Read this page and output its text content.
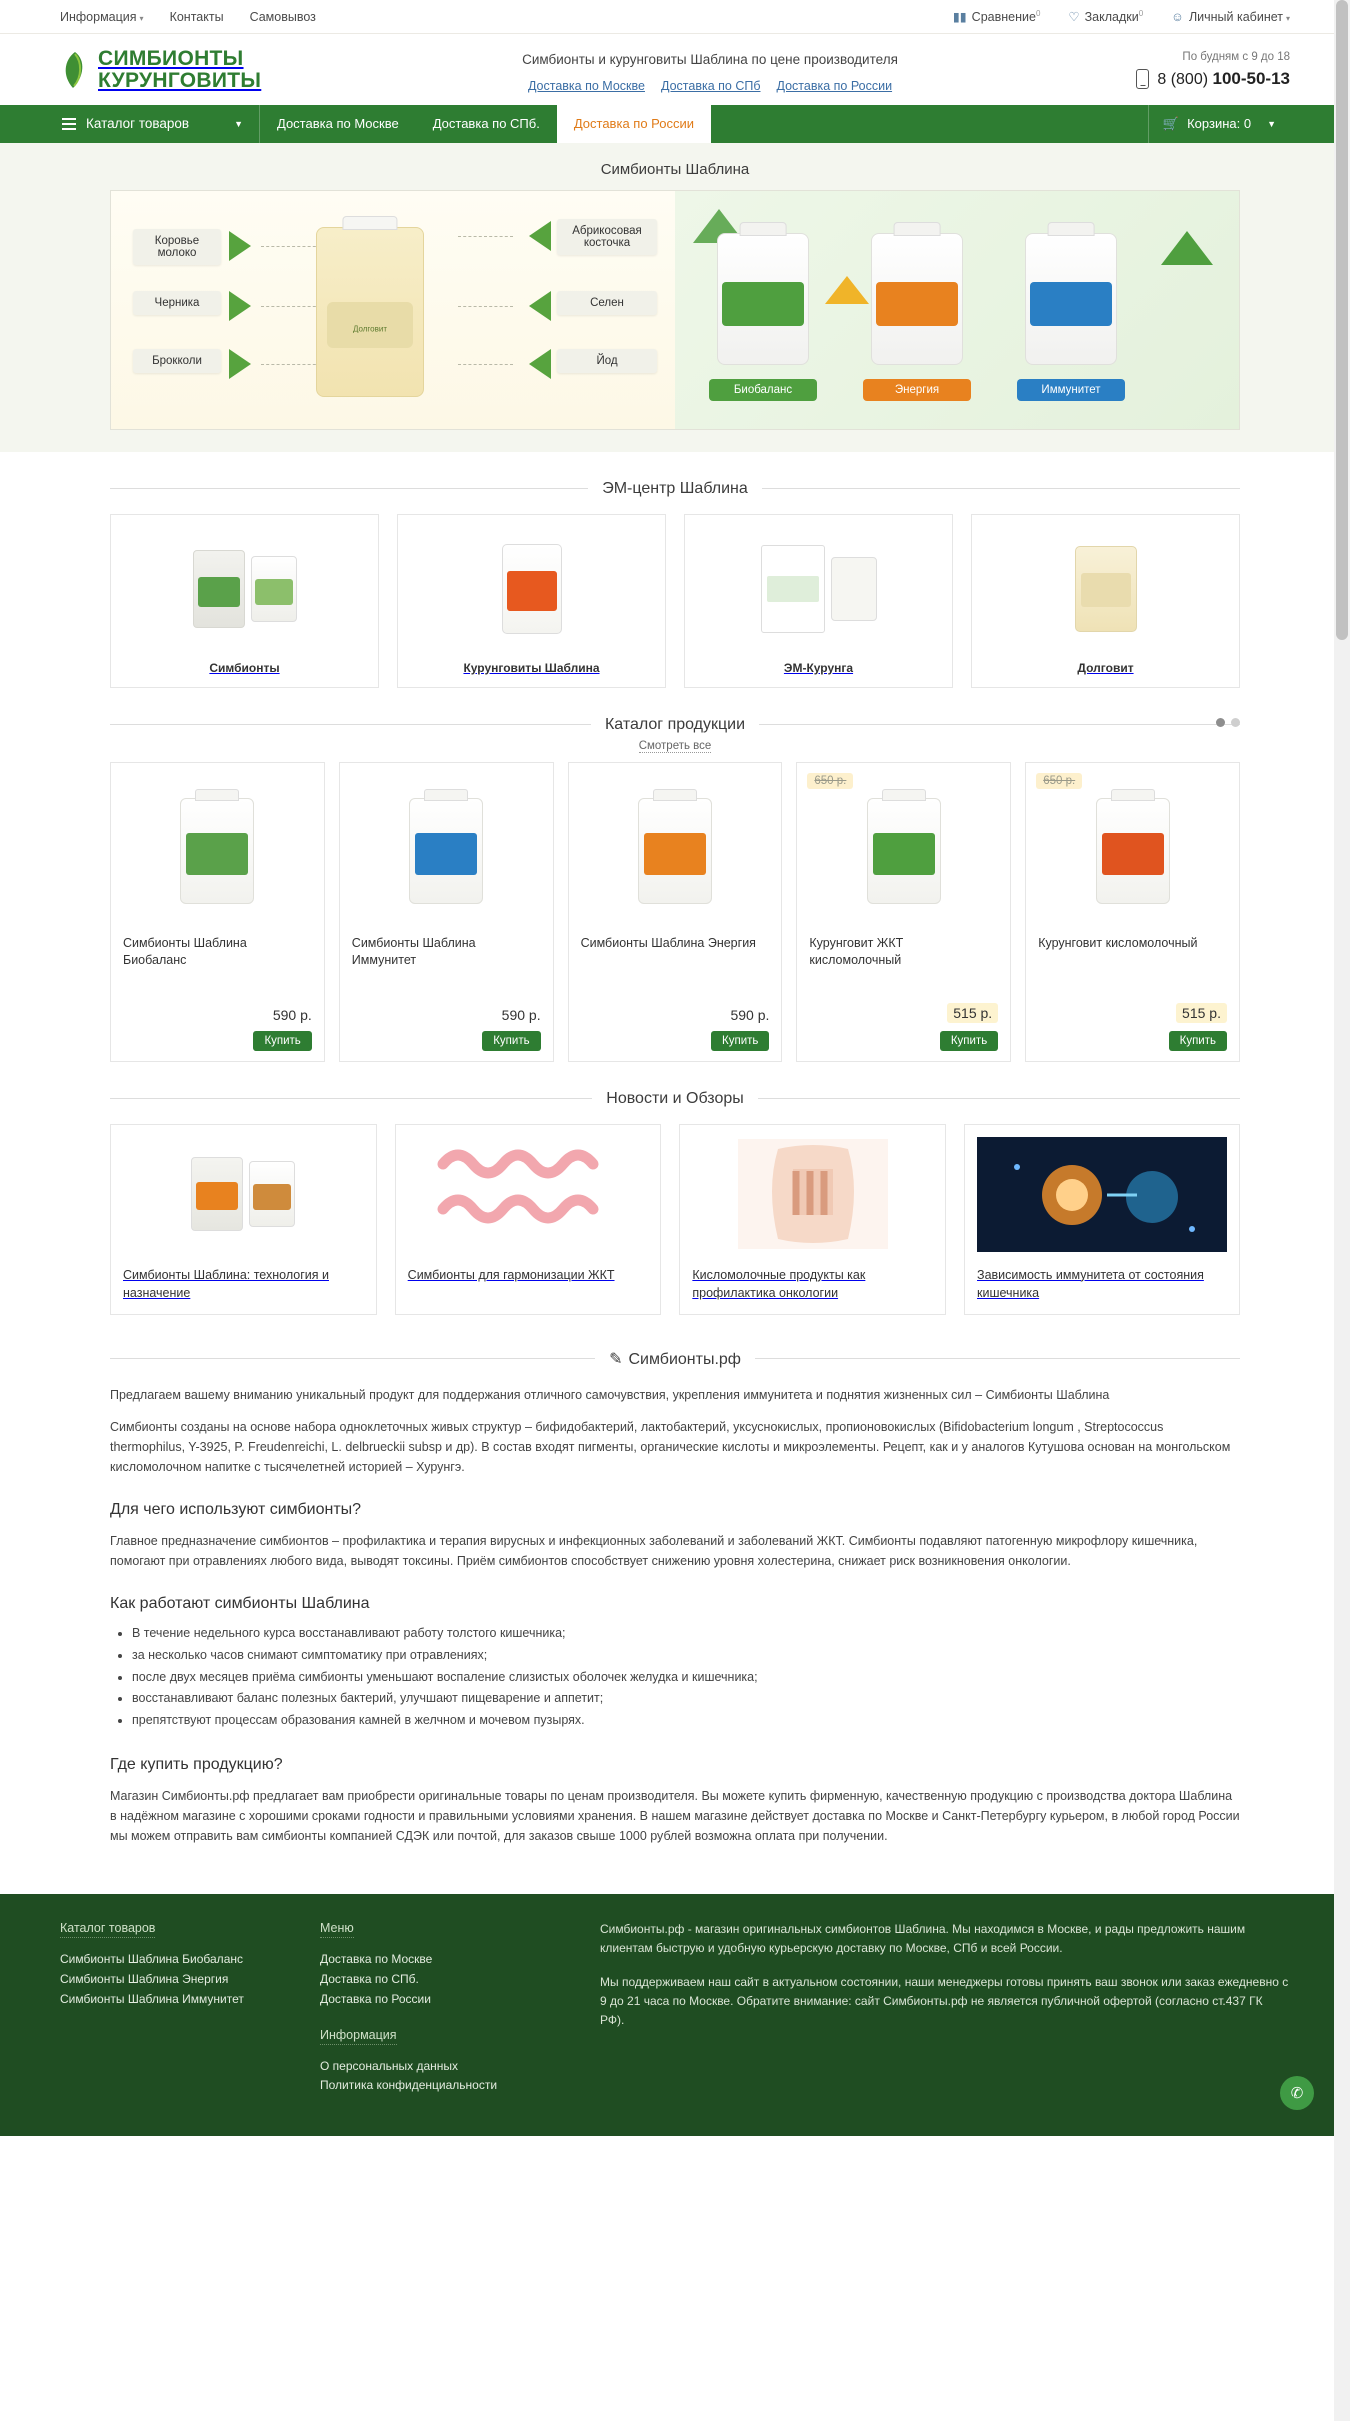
Информация ▾ Контакты Самовывоз	▮▮ Сравнение$^0$ ♡ Закладки$^0$ ☺ Личный кабинет ▾
СИМБИОНТЫ
КУРУНГОВИТЫ
Симбионты и курунговиты Шаблина по цене производителя
Доставка по Москве Доставка по СПб Доставка по России
По будням с 9 до 18
8 (800) 100-50-13
Каталог товаров	▼	Доставка по Москве	Доставка по СПб.	Доставка по России	🛒 Корзина: 0 ▼
Симбионты Шаблина
Коровье молоко
Черника
Брокколи
Долговит
Абрикосовая косточка
Селен
Йод
Биобаланс	Энергия	Иммунитет
ЭМ-центр Шаблина
Симбионты	Курунговиты Шаблина	ЭМ-Курунга	Долговит
Каталог продукции
Смотреть все
Симбионты Шаблина Биобаланс
590 р.
Купить
Симбионты Шаблина Иммунитет
590 р.
Купить
Симбионты Шаблина Энергия
590 р.
Купить
650 р.
Курунговит ЖКТ кисломолочный
515 р.
Купить
650 р.
Курунговит кисломолочный
515 р.
Купить
Новости и Обзоры
Симбионты Шаблина: технология и назначение
Симбионты для гармонизации ЖКТ	Кисломолочные продукты как профилактика онкологии
Зависимость иммунитета от состояния кишечника
✎ Симбионты.рф

Предлагаем вашему вниманию уникальный продукт для поддержания отличного самочувствия, укрепления иммунитета и поднятия жизненных сил – Симбионты Шаблина

Симбионты созданы на основе набора одноклеточных живых структур – бифидобактерий, лактобактерий, уксуснокислых, пропионовокислых (Bifidobacterium longum , Streptococcus thermophilus, Y-3925, P. Freudenreichi, L. delbrueckii subsp и др). В состав входят пигменты, органические кислоты и микроэлементы. Рецепт, как и у аналогов Кутушова основан на монгольском кисломолочном напитке с тысячелетней историей – Хурунгэ.

Для чего используют симбионты?

Главное предназначение симбионтов – профилактика и терапия вирусных и инфекционных заболеваний и заболеваний ЖКТ. Симбионты подавляют патогенную микрофлору кишечника, помогают при отравлениях любого вида, выводят токсины. Приём симбионтов способствует снижению уровня холестерина, снижает риск возникновения онкологии.

Как работают симбионты Шаблина
• В течение недельного курса восстанавливают работу толстого кишечника;
• за несколько часов снимают симптоматику при отравлениях;
• после двух месяцев приёма симбионты уменьшают воспаление слизистых оболочек желудка и кишечника;
• восстанавливают баланс полезных бактерий, улучшают пищеварение и аппетит;
• препятствуют процессам образования камней в желчном и мочевом пузырях.
Где купить продукцию?

Магазин Симбионты.рф предлагает вам приобрести оригинальные товары по ценам производителя. Вы можете купить фирменную, качественную продукцию с производства доктора Шаблина в надёжном магазине с хорошими сроками годности и правильными условиями хранения. В нашем магазине действует доставка по Москве и Санкт-Петербургу курьером, в любой город России мы можем отправить вам симбионты компанией СДЭК или почтой, для заказов свыше 1000 рублей возможна оплата при получении.

Каталог товаров
Симбионты Шаблина Биобаланс
Симбионты Шаблина Энергия
Симбионты Шаблина Иммунитет
Меню
Доставка по Москве
Доставка по СПб.
Доставка по России
Информация
О персональных данных
Политика конфиденциальности

Симбионты.рф - магазин оригинальных симбионтов Шаблина. Мы находимся в Москве, и рады предложить нашим клиентам быструю и удобную курьерскую доставку по Москве, СПб и всей России.

Мы поддерживаем наш сайт в актуальном состоянии, наши менеджеры готовы принять ваш звонок или заказ ежедневно с 9 до 21 часа по Москве. Обратите внимание: сайт Симбионты.рф не является публичной офертой (согласно ст.437 ГК РФ).

✆
